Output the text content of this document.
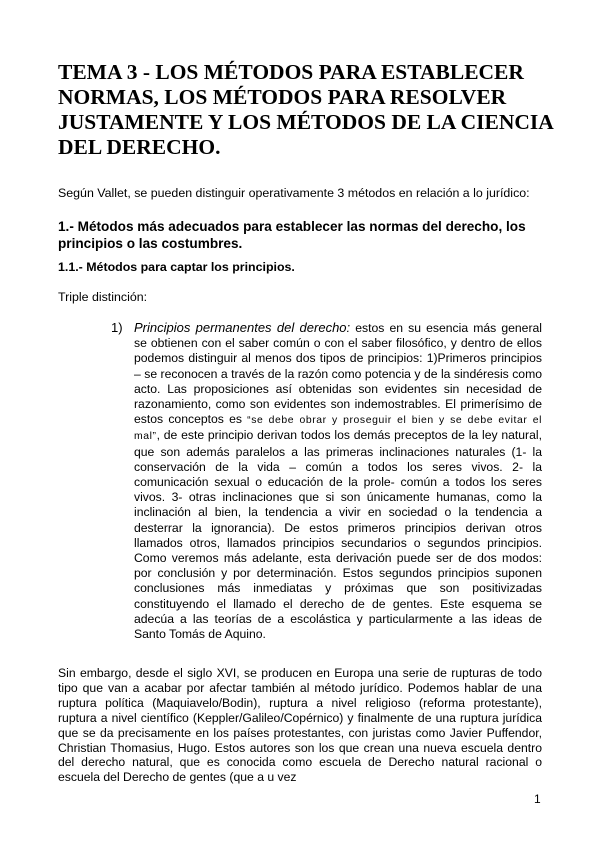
TEMA 3 - LOS MÉTODOS PARA ESTABLECER NORMAS, LOS MÉTODOS PARA RESOLVER JUSTAMENTE Y LOS MÉTODOS DE LA CIENCIA DEL DERECHO.

Según Vallet, se pueden distinguir operativamente 3 métodos en relación a lo jurídico:

1.- Métodos más adecuados para establecer las normas del derecho, los principios o las costumbres.
1.1.- Métodos para captar los principios.

Triple distinción:

1) Principios permanentes del derecho: estos en su esencia más general se obtienen con el saber común o con el saber filosófico, y dentro de ellos podemos distinguir al menos dos tipos de principios: 1)Primeros principios – se reconocen a través de la razón como potencia y de la sindéresis como acto. Las proposiciones así obtenidas son evidentes sin necesidad de razonamiento, como son evidentes son indemostrables. El primerísimo de estos conceptos es “se debe obrar y proseguir el bien y se debe evitar el mal”, de este principio derivan todos los demás preceptos de la ley natural, que son además paralelos a las primeras inclinaciones naturales (1- la conservación de la vida – común a todos los seres vivos. 2- la comunicación sexual o educación de la prole- común a todos los seres vivos. 3- otras inclinaciones que si son únicamente humanas, como la inclinación al bien, la tendencia a vivir en sociedad o la tendencia a desterrar la ignorancia). De estos primeros principios derivan otros llamados otros, llamados principios secundarios o segundos principios. Como veremos más adelante, esta derivación puede ser de dos modos: por conclusión y por determinación. Estos segundos principios suponen conclusiones más inmediatas y próximas que son positivizadas constituyendo el llamado el derecho de de gentes. Este esquema se adecúa a las teorías de a escolástica y particularmente a las ideas de Santo Tomás de Aquino.

Sin embargo, desde el siglo XVI, se producen en Europa una serie de rupturas de todo tipo que van a acabar por afectar también al método jurídico. Podemos hablar de una ruptura política (Maquiavelo/Bodin), ruptura a nivel religioso (reforma protestante), ruptura a nivel científico (Keppler/Galileo/Copérnico) y finalmente de una ruptura jurídica que se da precisamente en los países protestantes, con juristas como Javier Puffendor, Christian Thomasius, Hugo. Estos autores son los que crean una nueva escuela dentro del derecho natural, que es conocida como escuela de Derecho natural racional o escuela del Derecho de gentes (que a u vez

1
